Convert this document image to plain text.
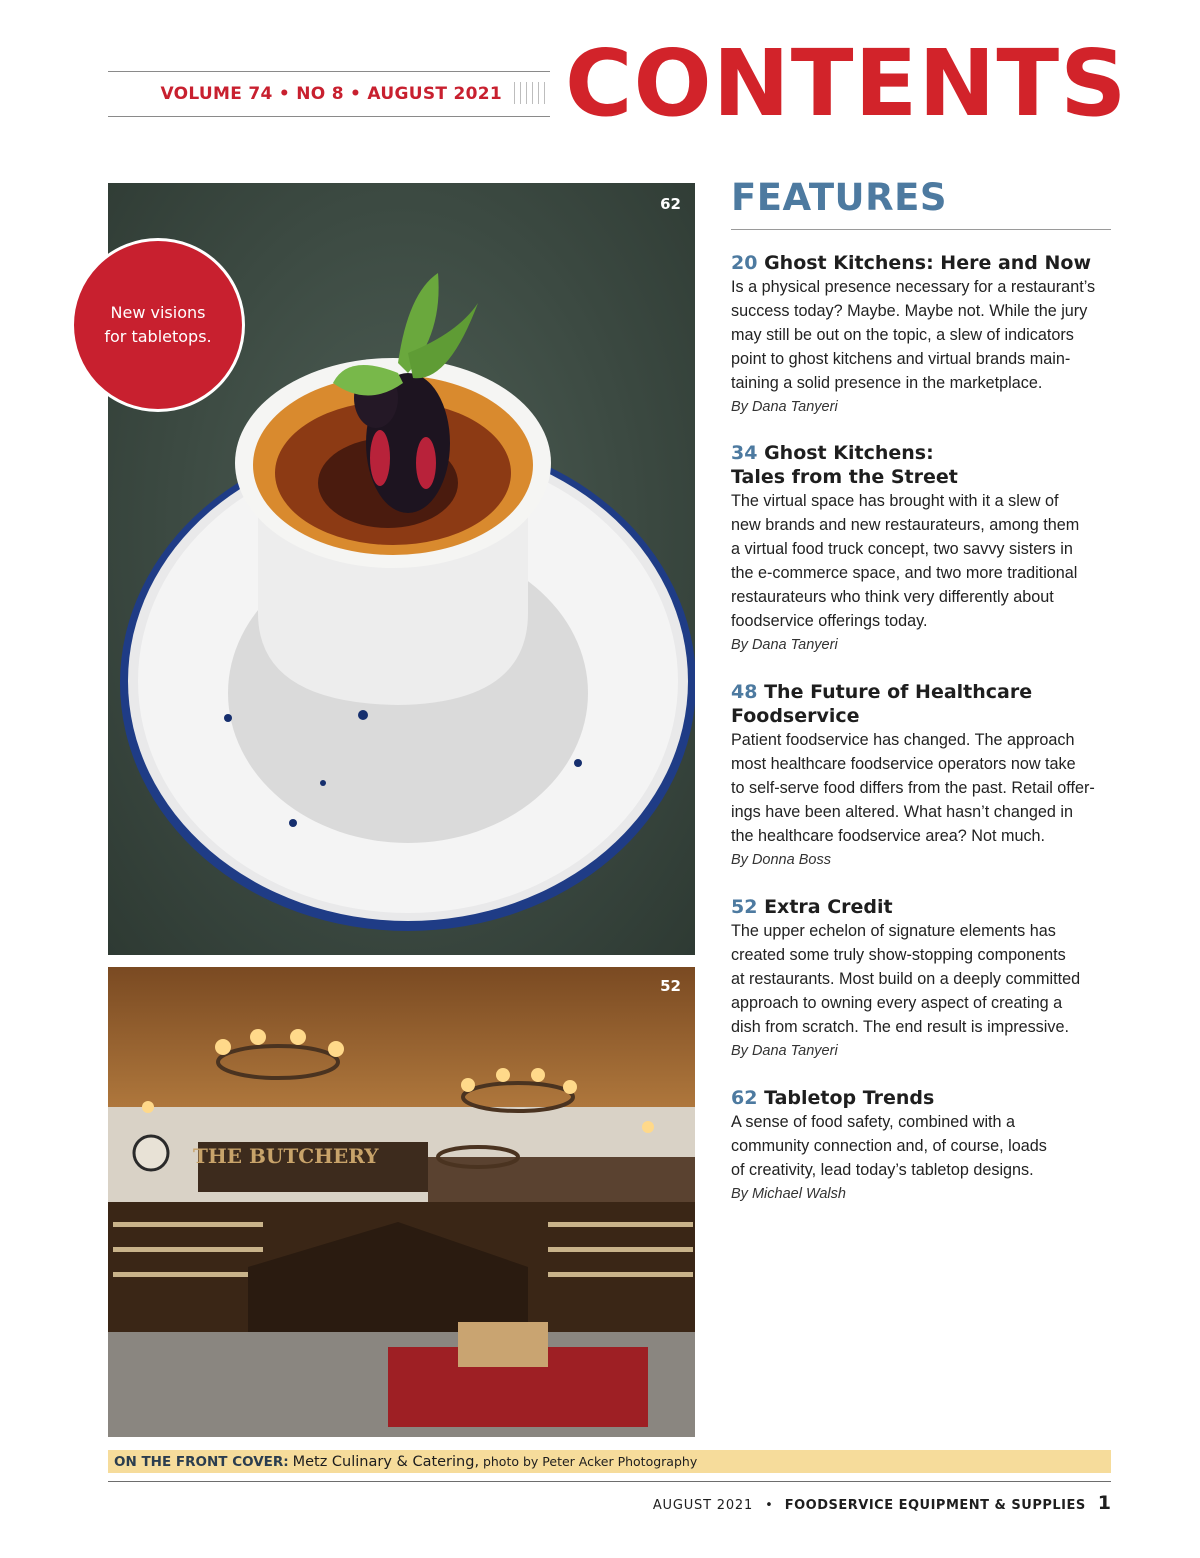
VOLUME 74 • NO 8 • AUGUST 2021 CONTENTS
62
THE BUTCHERY
52
New visions
for tabletops.
FEATURES

20 Ghost Kitchens: Here and Now

Is a physical presence necessary for a restaurant’s
success today? Maybe. Maybe not. While the jury
may still be out on the topic, a slew of indicators
point to ghost kitchens and virtual brands main-
taining a solid presence in the marketplace.

By Dana Tanyeri

34 Ghost Kitchens:
Tales from the Street

The virtual space has brought with it a slew of
new brands and new restaurateurs, among them
a virtual food truck concept, two savvy sisters in
the e-commerce space, and two more traditional
restaurateurs who think very differently about
foodservice offerings today.

By Dana Tanyeri

48 The Future of Healthcare
Foodservice

Patient foodservice has changed. The approach
most healthcare foodservice operators now take
to self-serve food differs from the past. Retail offer-
ings have been altered. What hasn’t changed in
the healthcare foodservice area? Not much.

By Donna Boss

52 Extra Credit

The upper echelon of signature elements has
created some truly show-stopping components
at restaurants. Most build on a deeply committed
approach to owning every aspect of creating a
dish from scratch. The end result is impressive.

By Dana Tanyeri

62 Tabletop Trends

A sense of food safety, combined with a
community connection and, of course, loads
of creativity, lead today’s tabletop designs.

By Michael Walsh

ON THE FRONT COVER: Metz Culinary & Catering, photo by Peter Acker Photography
AUGUST 2021 • FOODSERVICE EQUIPMENT & SUPPLIES 1
